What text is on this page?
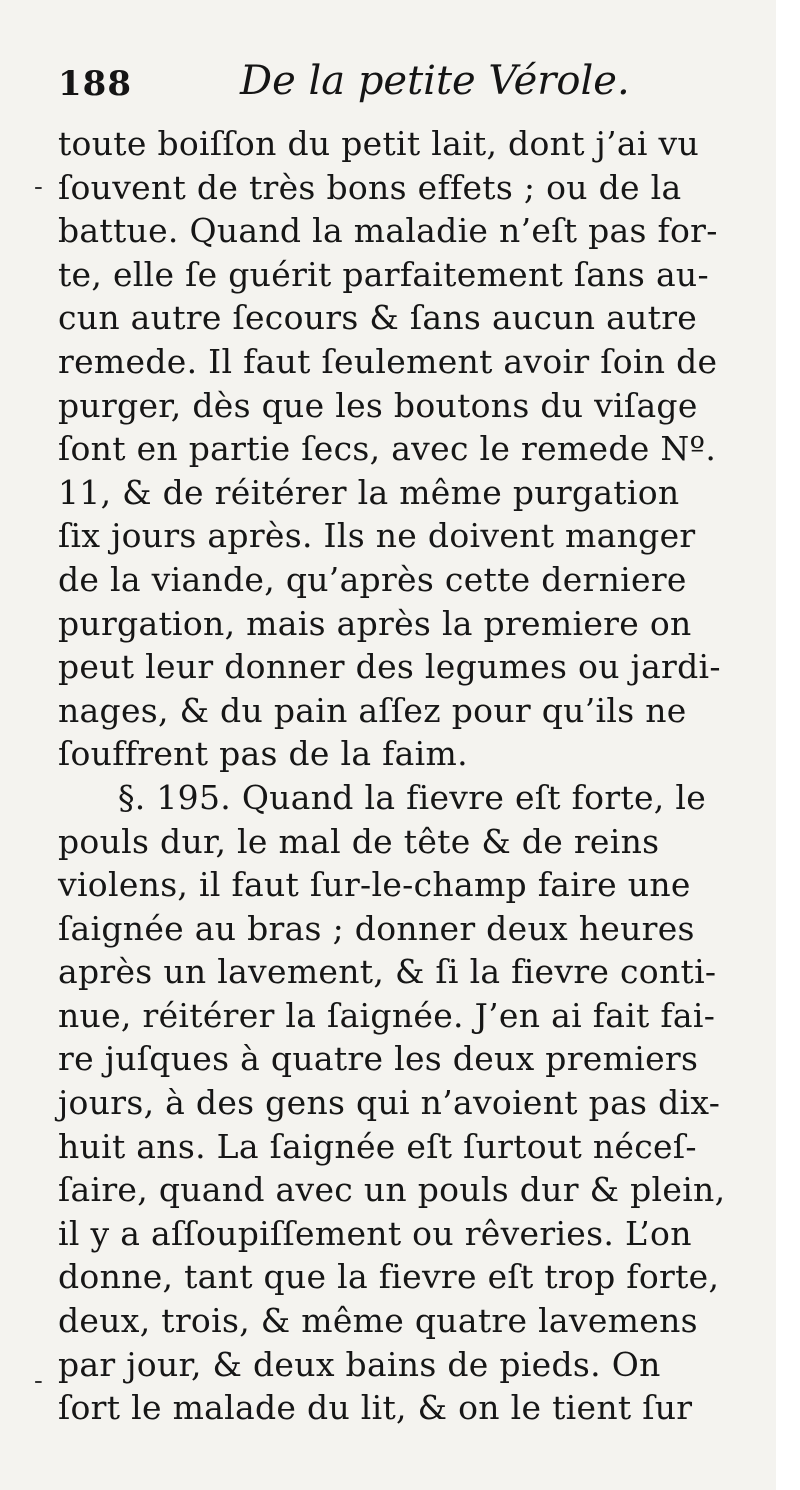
188	De la petite Vérole.
toute boiſſon du petit lait, dont j’ai vu
ſouvent de très bons effets ; ou de la
battue. Quand la maladie n’eſt pas for-
te, elle ſe guérit parfaitement ſans au-
cun autre ſecours & ſans aucun autre
remede. Il faut ſeulement avoir ſoin de
purger, dès que les boutons du viſage
ſont en partie ſecs, avec le remede Nº.
11, & de réitérer la même purgation
ſix jours après. Ils ne doivent manger
de la viande, qu’après cette derniere
purgation, mais après la premiere on
peut leur donner des legumes ou jardi-
nages, & du pain aſſez pour qu’ils ne
ſouffrent pas de la faim.
§. 195. Quand la fievre eſt forte, le
pouls dur, le mal de tête & de reins
violens, il faut ſur-le-champ faire une
ſaignée au bras ; donner deux heures
après un lavement, & ſi la fievre conti-
nue, réitérer la ſaignée. J’en ai fait fai-
re juſques à quatre les deux premiers
jours, à des gens qui n’avoient pas dix-
huit ans. La ſaignée eſt ſurtout néceſ-
ſaire, quand avec un pouls dur & plein,
il y a aſſoupiſſement ou rêveries. L’on
donne, tant que la fievre eſt trop forte,
deux, trois, & même quatre lavemens
par jour, & deux bains de pieds. On
ſort le malade du lit, & on le tient ſur
‐
‐
